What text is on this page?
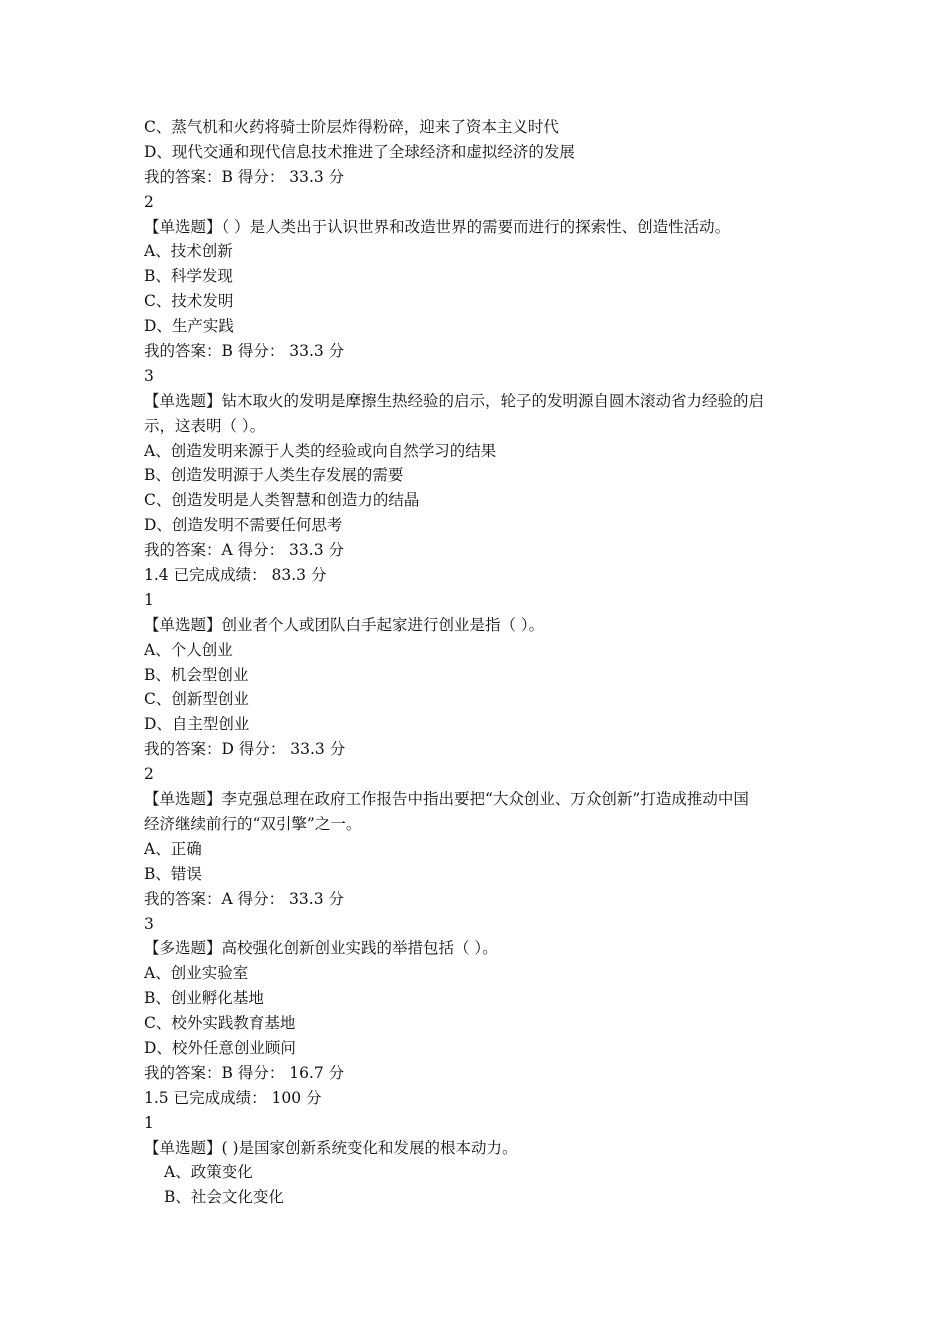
C、蒸气机和火药将骑士阶层炸得粉碎，迎来了资本主义时代
D、现代交通和现代信息技术推进了全球经济和虚拟经济的发展
我的答案：B 得分： 33.3 分
2
【单选题】（ ）是人类出于认识世界和改造世界的需要而进行的探索性、创造性活动。
A、技术创新
B、科学发现
C、技术发明
D、生产实践
我的答案：B 得分： 33.3 分
3
【单选题】钻木取火的发明是摩擦生热经验的启示，轮子的发明源自圆木滚动省力经验的启
示，这表明（ ）。
A、创造发明来源于人类的经验或向自然学习的结果
B、创造发明源于人类生存发展的需要
C、创造发明是人类智慧和创造力的结晶
D、创造发明不需要任何思考
我的答案：A 得分： 33.3 分
1.4 已完成成绩： 83.3 分
1
【单选题】创业者个人或团队白手起家进行创业是指（ ）。
A、个人创业
B、机会型创业
C、创新型创业
D、自主型创业
我的答案：D 得分： 33.3 分
2
【单选题】李克强总理在政府工作报告中指出要把“大众创业、万众创新”打造成推动中国
经济继续前行的“双引擎”之一。
A、正确
B、错误
我的答案：A 得分： 33.3 分
3
【多选题】高校强化创新创业实践的举措包括（ ）。
A、创业实验室
B、创业孵化基地
C、校外实践教育基地
D、校外任意创业顾问
我的答案：B 得分： 16.7 分
1.5 已完成成绩： 100 分
1
【单选题】( )是国家创新系统变化和发展的根本动力。
A、政策变化
B、社会文化变化
